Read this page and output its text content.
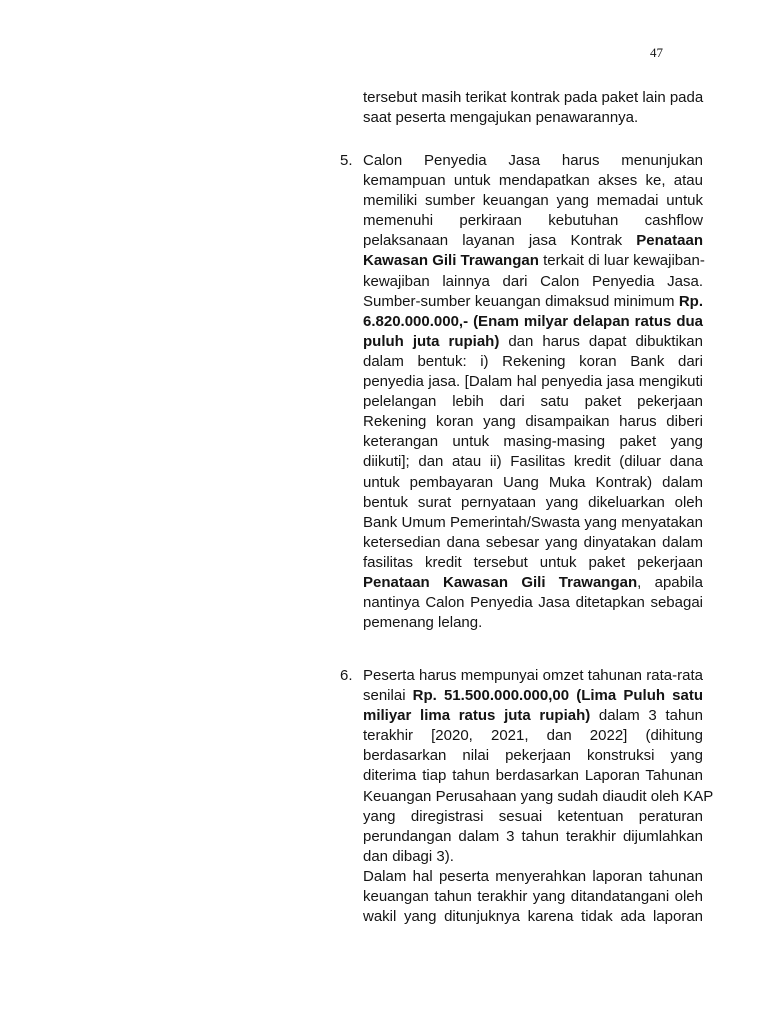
47
tersebut masih terikat kontrak pada paket lain pada
saat peserta mengajukan penawarannya.
5. Calon Penyedia Jasa harus menunjukan
kemampuan untuk mendapatkan akses ke, atau
memiliki sumber keuangan yang memadai untuk
memenuhi perkiraan kebutuhan cashflow
pelaksanaan layanan jasa Kontrak Penataan
Kawasan Gili Trawangan terkait di luar kewajiban-
kewajiban lainnya dari Calon Penyedia Jasa.
Sumber-sumber keuangan dimaksud minimum Rp.
6.820.000.000,- (Enam milyar delapan ratus dua
puluh juta rupiah) dan harus dapat dibuktikan
dalam bentuk: i) Rekening koran Bank dari
penyedia jasa. [Dalam hal penyedia jasa mengikuti
pelelangan lebih dari satu paket pekerjaan
Rekening koran yang disampaikan harus diberi
keterangan untuk masing-masing paket yang
diikuti]; dan atau ii) Fasilitas kredit (diluar dana
untuk pembayaran Uang Muka Kontrak) dalam
bentuk surat pernyataan yang dikeluarkan oleh
Bank Umum Pemerintah/Swasta yang menyatakan
ketersedian dana sebesar yang dinyatakan dalam
fasilitas kredit tersebut untuk paket pekerjaan
Penataan Kawasan Gili Trawangan, apabila
nantinya Calon Penyedia Jasa ditetapkan sebagai
pemenang lelang.
6. Peserta harus mempunyai omzet tahunan rata-rata
senilai Rp. 51.500.000.000,00 (Lima Puluh satu
miliyar lima ratus juta rupiah) dalam 3 tahun
terakhir [2020, 2021, dan 2022] (dihitung
berdasarkan nilai pekerjaan konstruksi yang
diterima tiap tahun berdasarkan Laporan Tahunan
Keuangan Perusahaan yang sudah diaudit oleh KAP
yang diregistrasi sesuai ketentuan peraturan
perundangan dalam 3 tahun terakhir dijumlahkan
dan dibagi 3).
Dalam hal peserta menyerahkan laporan tahunan
keuangan tahun terakhir yang ditandatangani oleh
wakil yang ditunjuknya karena tidak ada laporan
